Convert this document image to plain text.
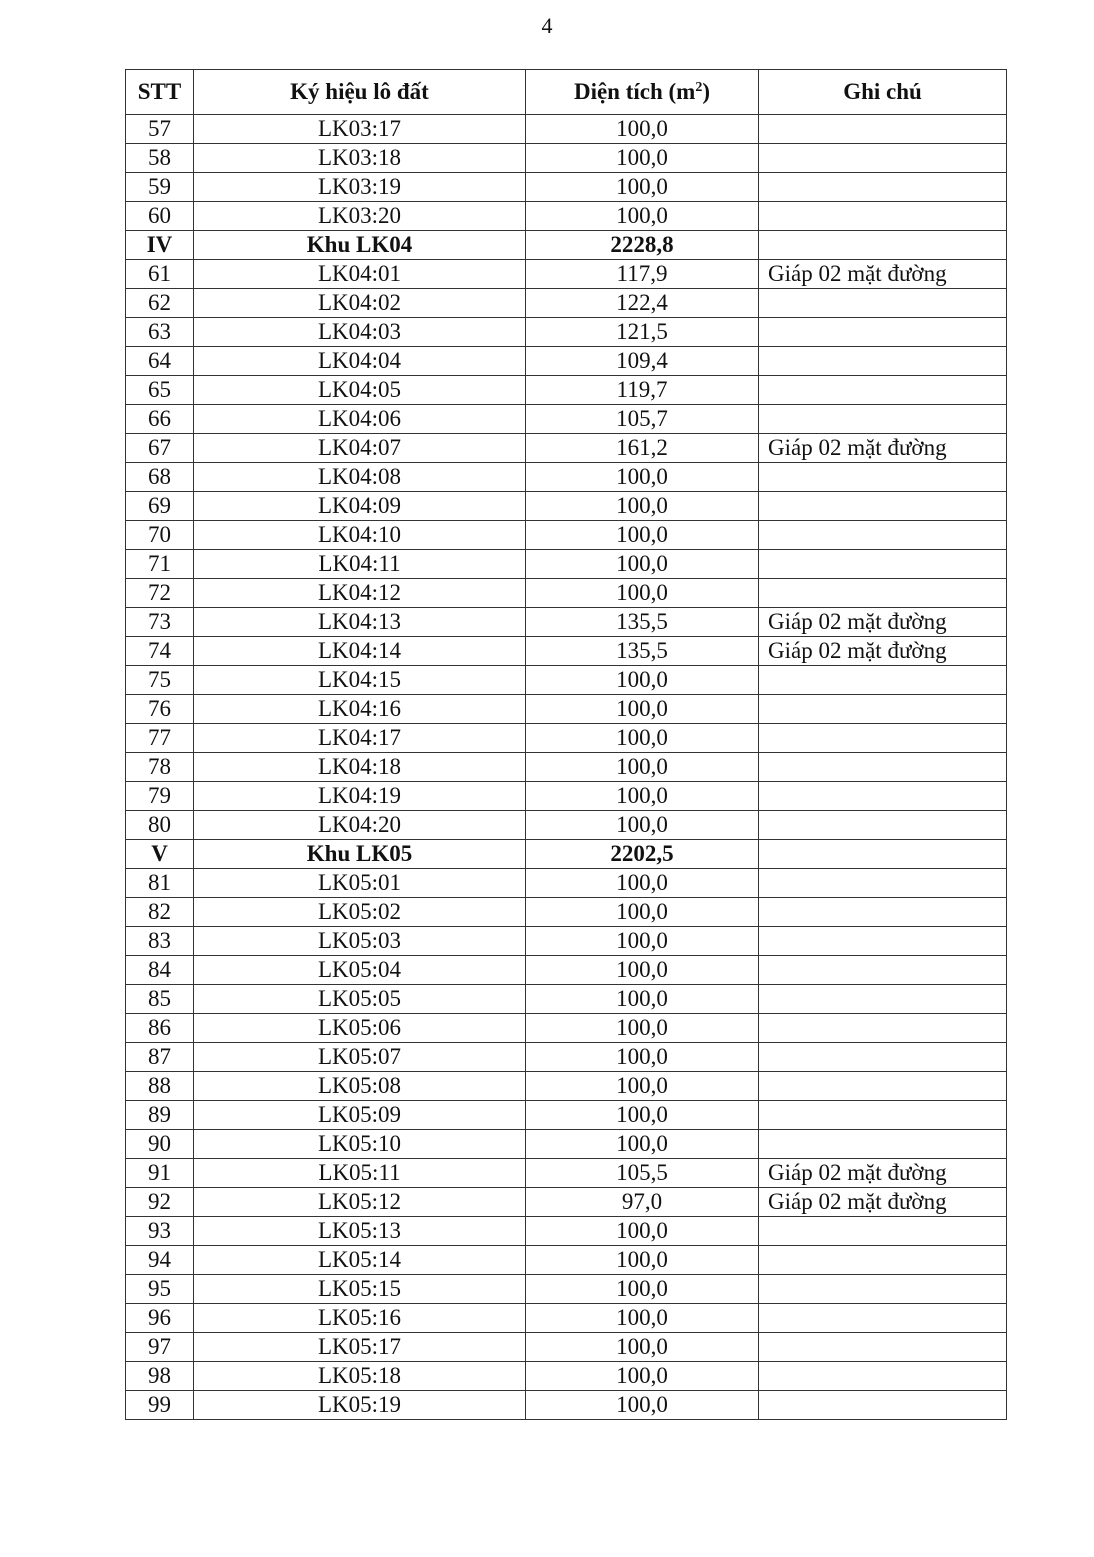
4
STT	Ký hiệu lô đất	Diện tích $(m^2)$	Ghi chú
57	LK03:17	100,0	
58	LK03:18	100,0	
59	LK03:19	100,0	
60	LK03:20	100,0	
IV	Khu LK04	2228,8	
61	LK04:01	117,9	Giáp 02 mặt đường
62	LK04:02	122,4	
63	LK04:03	121,5	
64	LK04:04	109,4	
65	LK04:05	119,7	
66	LK04:06	105,7	
67	LK04:07	161,2	Giáp 02 mặt đường
68	LK04:08	100,0	
69	LK04:09	100,0	
70	LK04:10	100,0	
71	LK04:11	100,0	
72	LK04:12	100,0	
73	LK04:13	135,5	Giáp 02 mặt đường
74	LK04:14	135,5	Giáp 02 mặt đường
75	LK04:15	100,0	
76	LK04:16	100,0	
77	LK04:17	100,0	
78	LK04:18	100,0	
79	LK04:19	100,0	
80	LK04:20	100,0	
V	Khu LK05	2202,5	
81	LK05:01	100,0	
82	LK05:02	100,0	
83	LK05:03	100,0	
84	LK05:04	100,0	
85	LK05:05	100,0	
86	LK05:06	100,0	
87	LK05:07	100,0	
88	LK05:08	100,0	
89	LK05:09	100,0	
90	LK05:10	100,0	
91	LK05:11	105,5	Giáp 02 mặt đường
92	LK05:12	97,0	Giáp 02 mặt đường
93	LK05:13	100,0	
94	LK05:14	100,0	
95	LK05:15	100,0	
96	LK05:16	100,0	
97	LK05:17	100,0	
98	LK05:18	100,0	
99	LK05:19	100,0	
